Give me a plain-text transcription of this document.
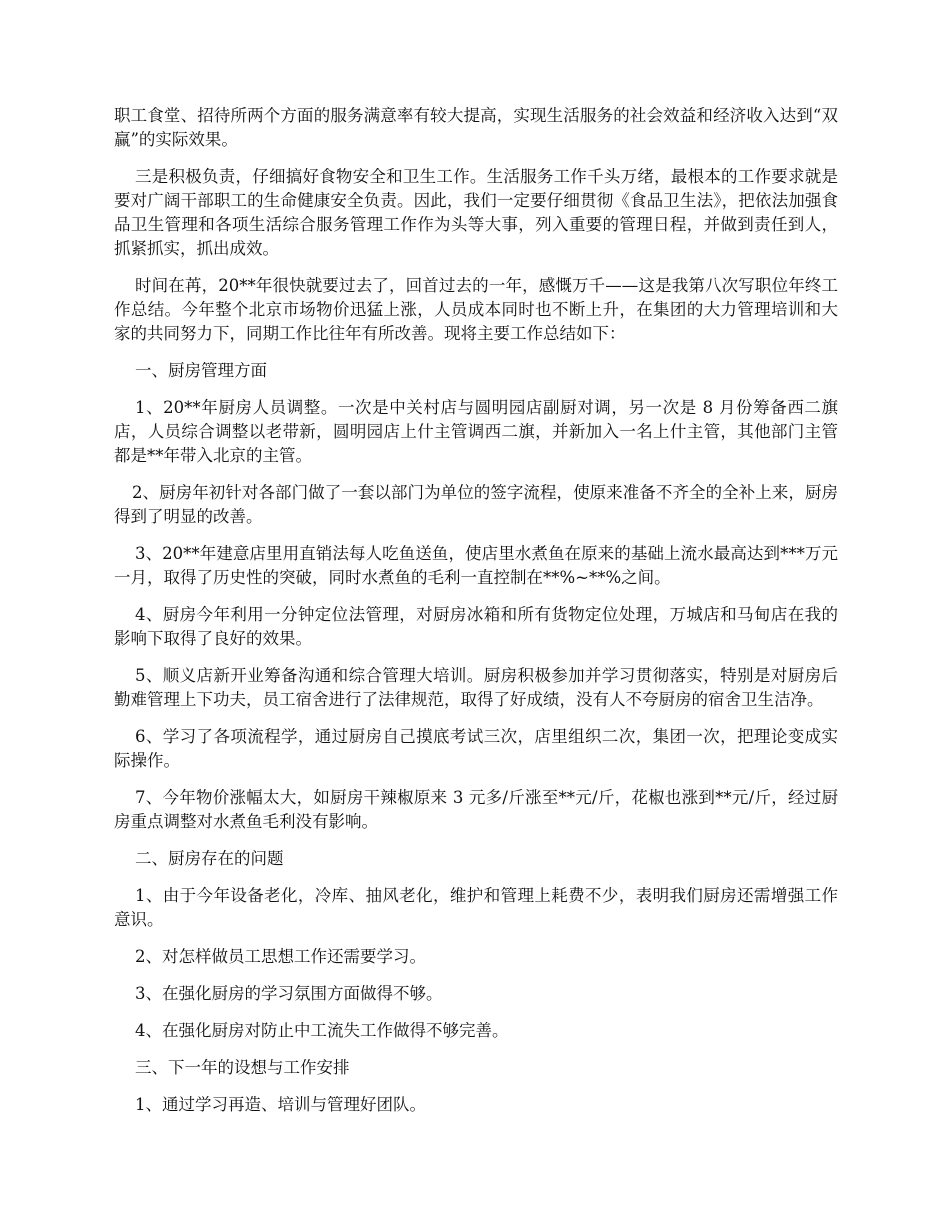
职工食堂、招待所两个方面的服务满意率有较大提高，实现生活服务的社会效益和经济收入达到“双赢”的实际效果。

三是积极负责，仔细搞好食物安全和卫生工作。生活服务工作千头万绪，最根本的工作要求就是要对广阔干部职工的生命健康安全负责。因此，我们一定要仔细贯彻《食品卫生法》，把依法加强食品卫生管理和各项生活综合服务管理工作作为头等大事，列入重要的管理日程，并做到责任到人，抓紧抓实，抓出成效。

时间在苒，20**年很快就要过去了，回首过去的一年，感慨万千——这是我第八次写职位年终工作总结。今年整个北京市场物价迅猛上涨，人员成本同时也不断上升，在集团的大力管理培训和大家的共同努力下，同期工作比往年有所改善。现将主要工作总结如下：

一、厨房管理方面

1、20**年厨房人员调整。一次是中关村店与圆明园店副厨对调，另一次是 8 月份筹备西二旗店，人员综合调整以老带新，圆明园店上什主管调西二旗，并新加入一名上什主管，其他部门主管都是**年带入北京的主管。

2、厨房年初针对各部门做了一套以部门为单位的签字流程，使原来准备不齐全的全补上来，厨房得到了明显的改善。

3、20**年建意店里用直销法每人吃鱼送鱼，使店里水煮鱼在原来的基础上流水最高达到***万元一月，取得了历史性的突破，同时水煮鱼的毛利一直控制在**%~**%之间。

4、厨房今年利用一分钟定位法管理，对厨房冰箱和所有货物定位处理，万城店和马甸店在我的影响下取得了良好的效果。

5、顺义店新开业筹备沟通和综合管理大培训。厨房积极参加并学习贯彻落实，特别是对厨房后勤难管理上下功夫，员工宿舍进行了法律规范，取得了好成绩，没有人不夸厨房的宿舍卫生洁净。

6、学习了各项流程学，通过厨房自己摸底考试三次，店里组织二次，集团一次，把理论变成实际操作。

7、今年物价涨幅太大，如厨房干辣椒原来 3 元多/斤涨至**元/斤，花椒也涨到**元/斤，经过厨房重点调整对水煮鱼毛利没有影响。

二、厨房存在的问题

1、由于今年设备老化，冷库、抽风老化，维护和管理上耗费不少，表明我们厨房还需增强工作意识。

2、对怎样做员工思想工作还需要学习。

3、在强化厨房的学习氛围方面做得不够。

4、在强化厨房对防止中工流失工作做得不够完善。

三、下一年的设想与工作安排

1、通过学习再造、培训与管理好团队。
